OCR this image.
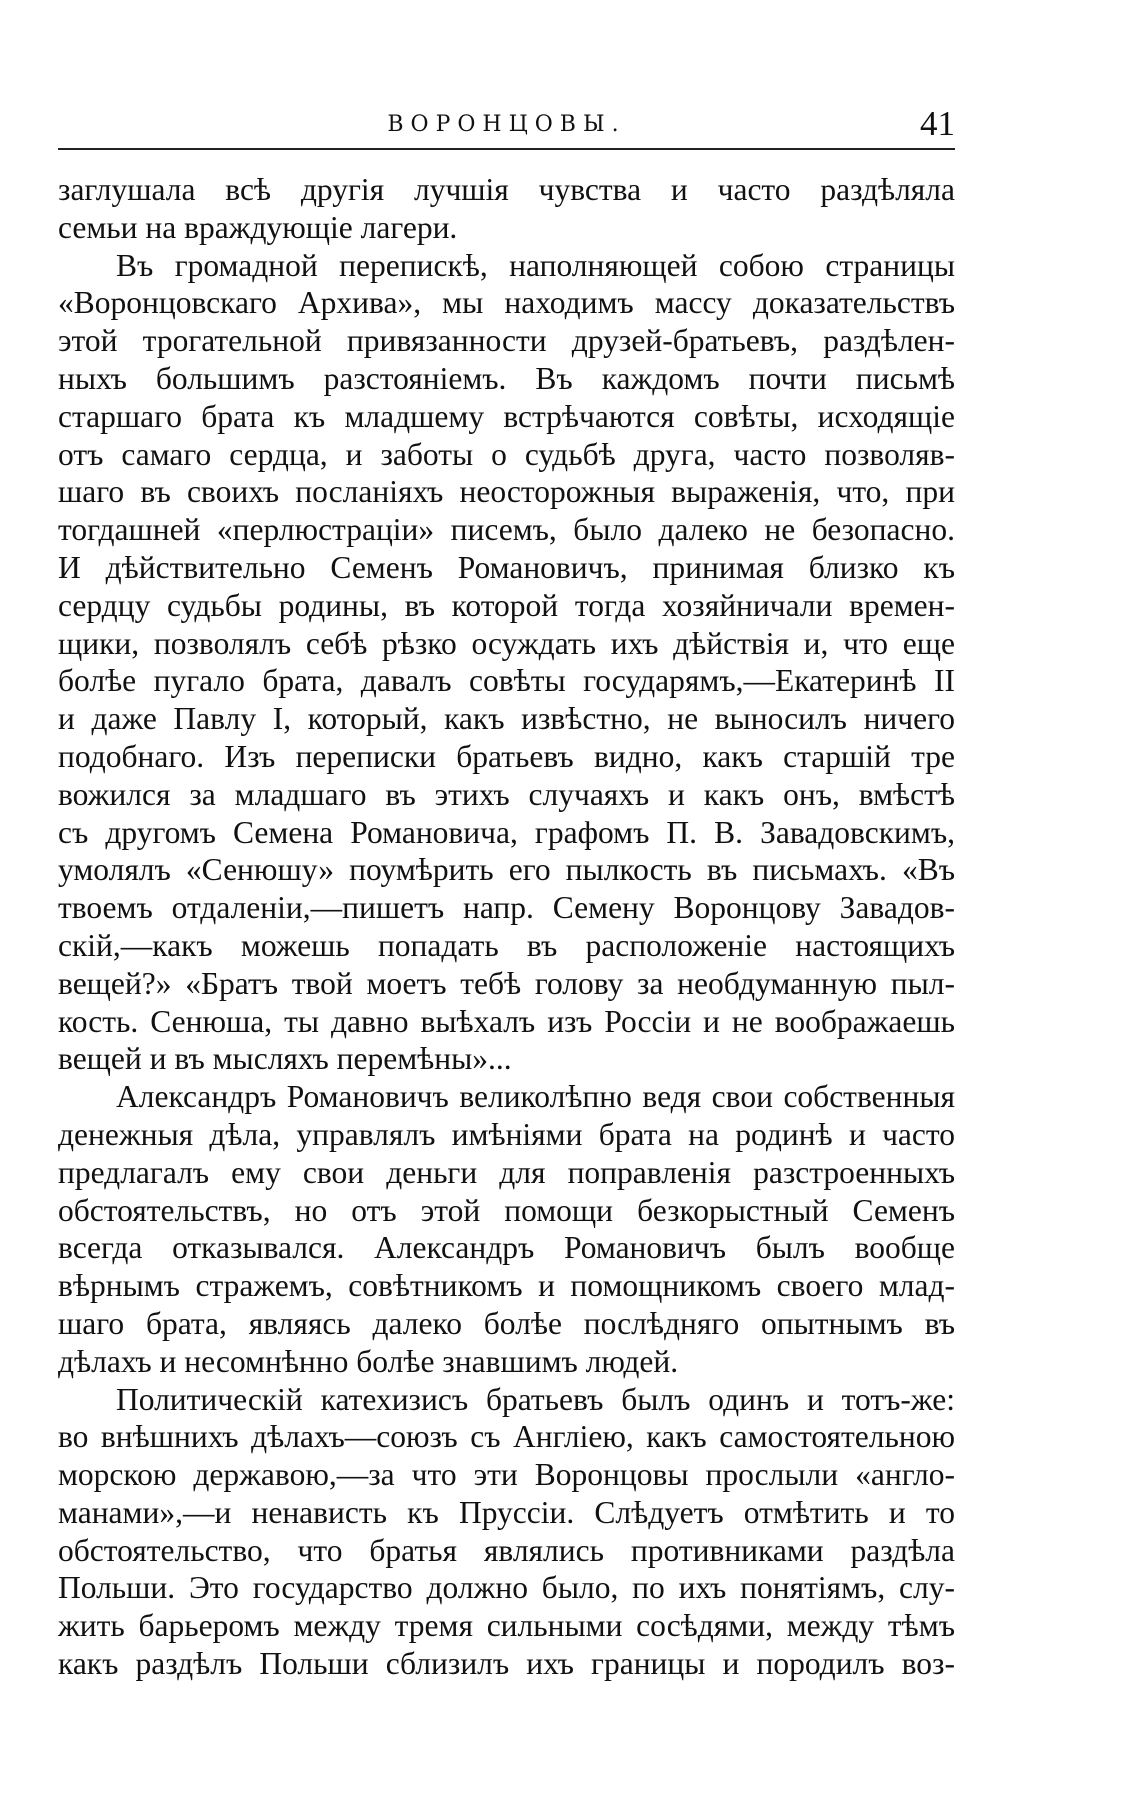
ВОРОНЦОВЫ.	41
заглушала всѣ другія лучшія чувства и часто раздѣляла
семьи на враждующіе лагери.
Въ громадной перепискѣ, наполняющей собою страницы
«Воронцовскаго Архива», мы находимъ массу доказательствъ
этой трогательной привязанности друзей-братьевъ, раздѣлен-
ныхъ большимъ разстояніемъ. Въ каждомъ почти письмѣ
старшаго брата къ младшему встрѣчаются совѣты, исходящіе
отъ самаго сердца, и заботы о судьбѣ друга, часто позволяв-
шаго въ своихъ посланіяхъ неосторожныя выраженія, что, при
тогдашней «перлюстраціи» писемъ, было далеко не безопасно.
И дѣйствительно Семенъ Романовичъ, принимая близко къ
сердцу судьбы родины, въ которой тогда хозяйничали времен-
щики, позволялъ себѣ рѣзко осуждать ихъ дѣйствія и, что еще
болѣе пугало брата, давалъ совѣты государямъ,—Екатеринѣ II
и даже Павлу I, который, какъ извѣстно, не выносилъ ничего
подобнаго. Изъ переписки братьевъ видно, какъ старшій тре
вожился за младшаго въ этихъ случаяхъ и какъ онъ, вмѣстѣ
съ другомъ Семена Романовича, графомъ П. В. Завадовскимъ,
умолялъ «Сенюшу» поумѣрить его пылкость въ письмахъ. «Въ
твоемъ отдаленіи,—пишетъ напр. Семену Воронцову Завадов-
скій,—какъ можешь попадать въ расположеніе настоящихъ
вещей?» «Братъ твой моетъ тебѣ голову за необдуманную пыл-
кость. Сенюша, ты давно выѣхалъ изъ Россіи и не воображаешь
вещей и въ мысляхъ перемѣны»...
Александръ Романовичъ великолѣпно ведя свои собственныя
денежныя дѣла, управлялъ имѣніями брата на родинѣ и часто
предлагалъ ему свои деньги для поправленія разстроенныхъ
обстоятельствъ, но отъ этой помощи безкорыстный Семенъ
всегда отказывался. Александръ Романовичъ былъ вообще
вѣрнымъ стражемъ, совѣтникомъ и помощникомъ своего млад-
шаго брата, являясь далеко болѣе послѣдняго опытнымъ въ
дѣлахъ и несомнѣнно болѣе знавшимъ людей.
Политическій катехизисъ братьевъ былъ одинъ и тотъ-же:
во внѣшнихъ дѣлахъ—союзъ съ Англіею, какъ самостоятельною
морскою державою,—за что эти Воронцовы прослыли «англо-
манами»,—и ненависть къ Пруссіи. Слѣдуетъ отмѣтить и то
обстоятельство, что братья являлись противниками раздѣла
Польши. Это государство должно было, по ихъ понятіямъ, слу-
жить барьеромъ между тремя сильными сосѣдями, между тѣмъ
какъ раздѣлъ Польши сблизилъ ихъ границы и породилъ воз-
